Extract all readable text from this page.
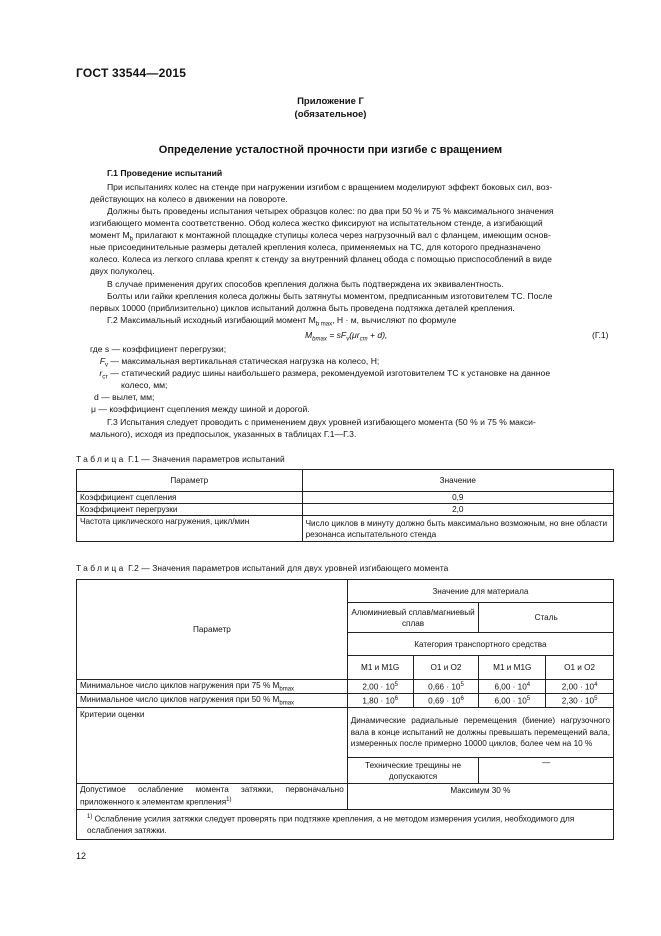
ГОСТ 33544—2015
Приложение Г
(обязательное)
Определение усталостной прочности при изгибе с вращением
Г.1 Проведение испытаний
При испытаниях колес на стенде при нагружении изгибом с вращением моделируют эффект боковых сил, воз-
действующих на колесо в движении на повороте.
Должны быть проведены испытания четырех образцов колес: по два при 50 % и 75 % максимального значения
изгибающего момента соответственно. Обод колеса жестко фиксируют на испытательном стенде, а изгибающий
момент $M_b$ прилагают к монтажной площадке ступицы колеса через нагрузочный вал с фланцем, имеющим основ-
ные присоединительные размеры деталей крепления колеса, применяемых на ТС, для которого предназначено
колесо. Колеса из легкого сплава крепят к стенду за внутренний фланец обода с помощью приспособлений в виде
двух полуколец.
В случае применения других способов крепления должна быть подтверждена их эквивалентность.
Болты или гайки крепления колеса должны быть затянуты моментом, предписанным изготовителем ТС. После
первых 10000 (приблизительно) циклов испытаний должна быть проведена подтяжка деталей крепления.
Г.2 Максимальный исходный изгибающий момент $M_{b max}$, Н · м, вычисляют по формуле
$M_{bmax} = sF_v(\mu r_{ст} + d)$,	(Г.1)
где s — коэффициент перегрузки;
$F_v$ — максимальная вертикальная статическая нагрузка на колесо, Н;
$r_{ст}$ — статический радиус шины наибольшего размера, рекомендуемой изготовителем ТС к установке на данное
колесо, мм;
d — вылет, мм;
μ — коэффициент сцепления между шиной и дорогой.
Г.3 Испытания следует проводить с применением двух уровней изгибающего момента (50 % и 75 % макси-
мального), исходя из предпосылок, указанных в таблицах Г.1—Г.3.
Таблица Г.1 — Значения параметров испытаний
Параметр	Значение
Коэффициент сцепления	0,9
Коэффициент перегрузки	2,0
Частота циклического нагружения, цикл/мин	Число циклов в минуту должно быть максимально возможным, но вне области резонанса испытательного стенда
Таблица Г.2 — Значения параметров испытаний для двух уровней изгибающего момента
Параметр	Значение для материала			
	Алюминиевый сплав/магниевый сплав		Сталь	
	Категория транспортного средства			
	M1 и M1G	O1 и O2	M1 и M1G	O1 и O2
Минимальное число циклов нагружения при 75 % $M_{bmax}$	$2,00 \cdot 10^5$	$0,66 \cdot 10^5$	$6,00 \cdot 10^4$	$2,00 \cdot 10^4$
Минимальное число циклов нагружения при 50 % $M_{bmax}$	$1,80 \cdot 10^6$	$0,69 \cdot 10^6$	$6,00 \cdot 10^5$	$2,30 \cdot 10^5$
Критерии оценки	Динамические радиальные перемещения (биение) нагрузочного вала в конце испытаний не должны превышать перемещений вала, измеренных после примерно 10000 циклов, более чем на 10 %			
	Технические трещины не допускаются		—	
Допустимое ослабление момента затяжки, первоначально приложенного к элементам крепления$^{1)}$	Максимум 30 %			
$^{1)}$ Ослабление усилия затяжки следует проверять при подтяжке крепления, а не методом измерения усилия, необходимого для ослабления затяжки.				
12
